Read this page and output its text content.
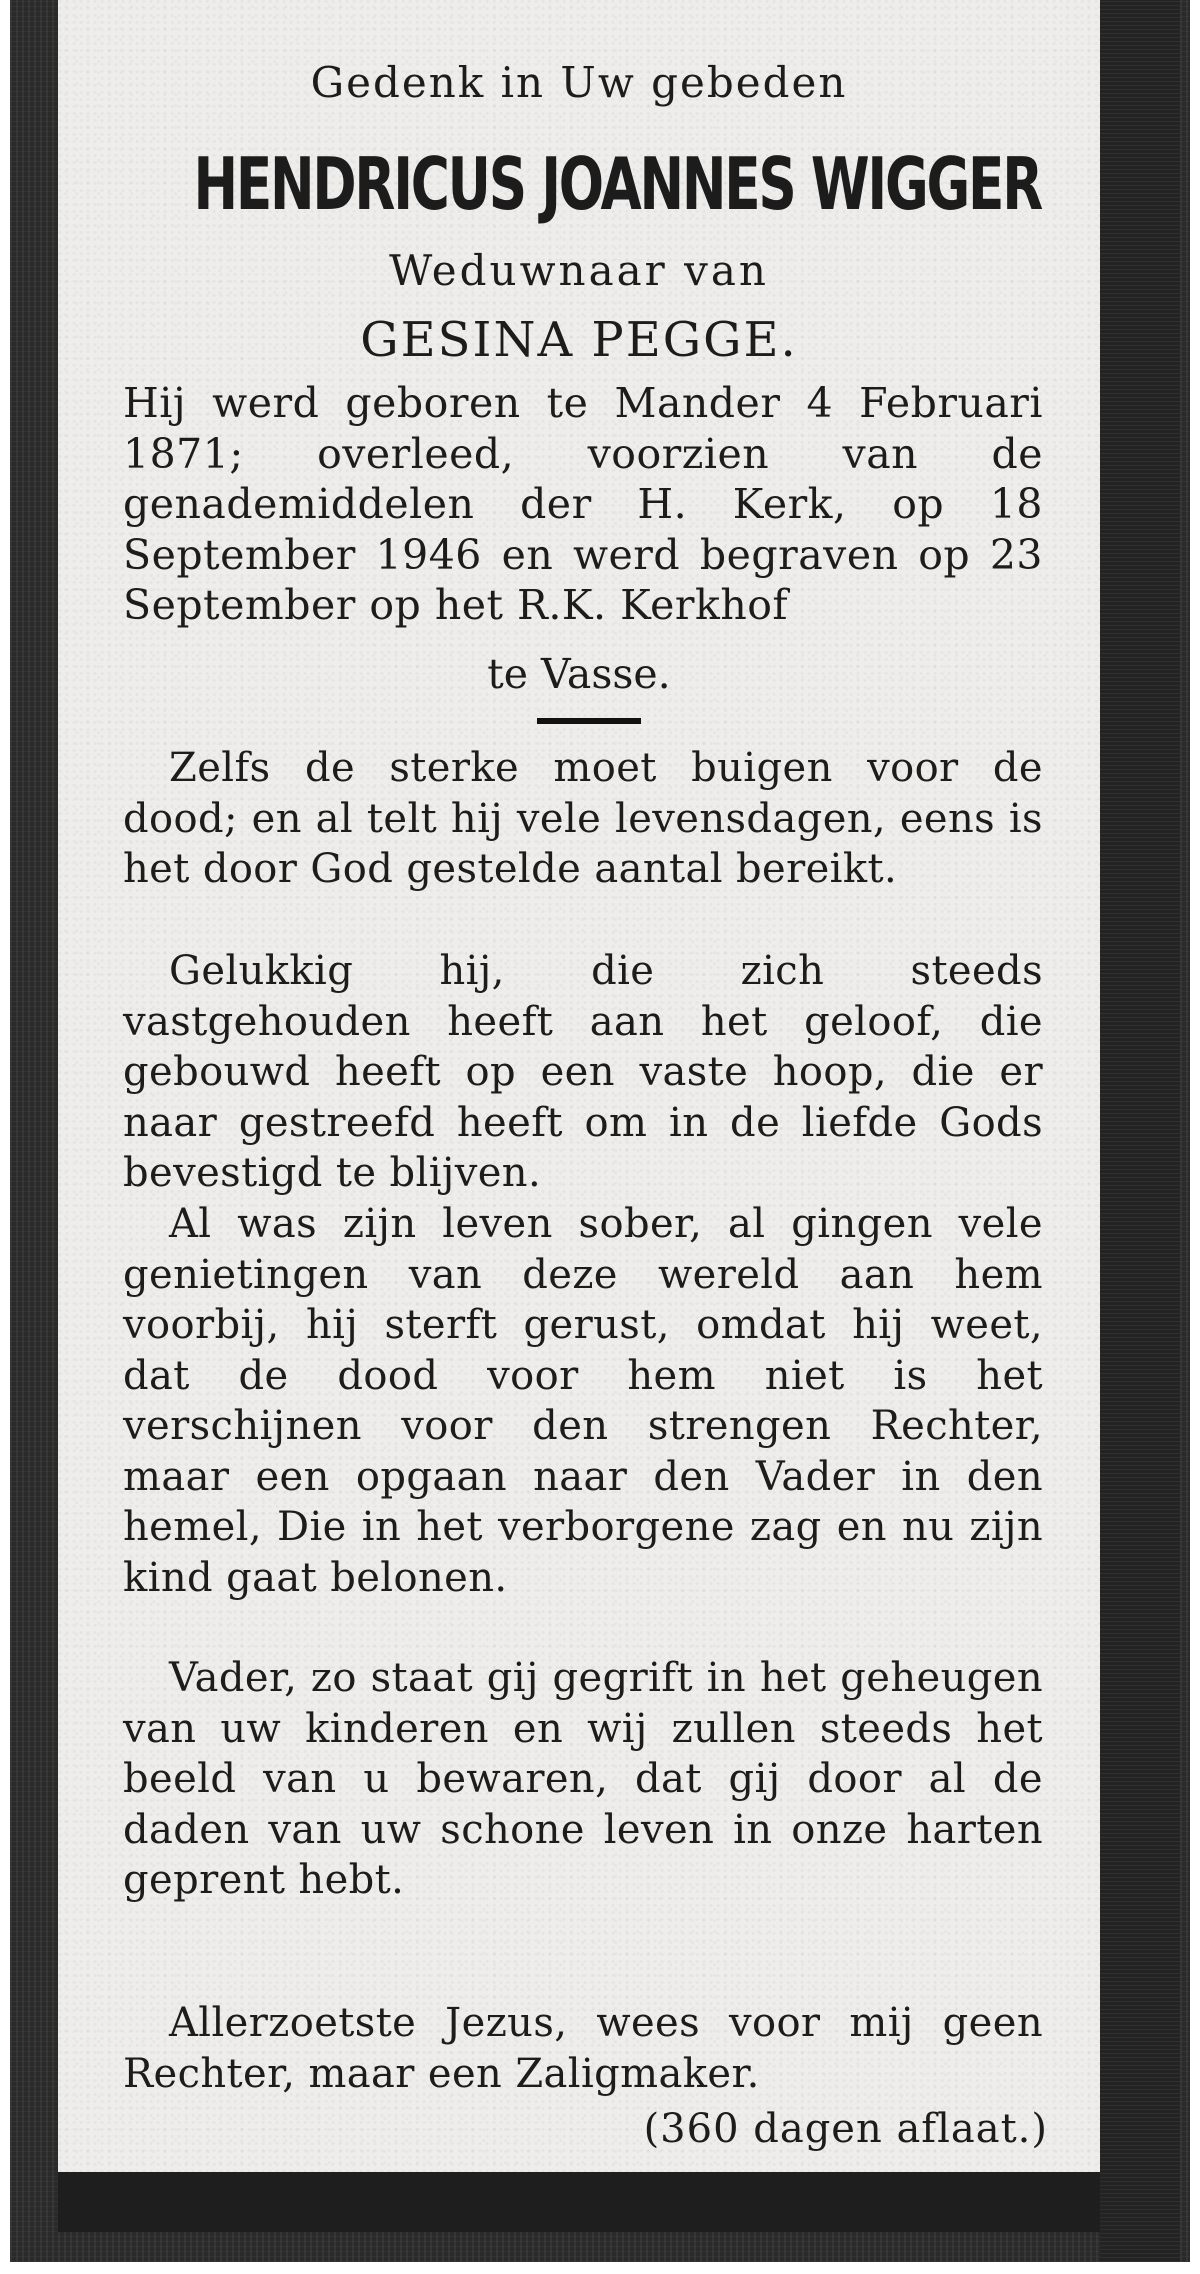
Gedenk in Uw gebeden

HENDRICUS JOANNES WIGGER

Weduwnaar van

GESINA PEGGE.

Hij werd geboren te Mander 4 Februari 1871; overleed, voorzien van de genademiddelen der H. Kerk, op 18 September 1946 en werd begraven op 23 September op het R.K. Kerkhof

te Vasse.

Zelfs de sterke moet buigen voor de dood; en al telt hij vele levensdagen, eens is het door God gestelde aantal bereikt.

Gelukkig hij, die zich steeds vastgehouden heeft aan het geloof, die gebouwd heeft op een vaste hoop, die er naar gestreefd heeft om in de liefde Gods bevestigd te blijven.

Al was zijn leven sober, al gingen vele genietingen van deze wereld aan hem voorbij, hij sterft gerust, omdat hij weet, dat de dood voor hem niet is het verschijnen voor den strengen Rechter, maar een opgaan naar den Vader in den hemel, Die in het verborgene zag en nu zijn kind gaat belonen.

Vader, zo staat gij gegrift in het geheugen van uw kinderen en wij zullen steeds het beeld van u bewaren, dat gij door al de daden van uw schone leven in onze harten geprent hebt.

Allerzoetste Jezus, wees voor mij geen Rechter, maar een Zaligmaker.

(360 dagen aflaat.)
